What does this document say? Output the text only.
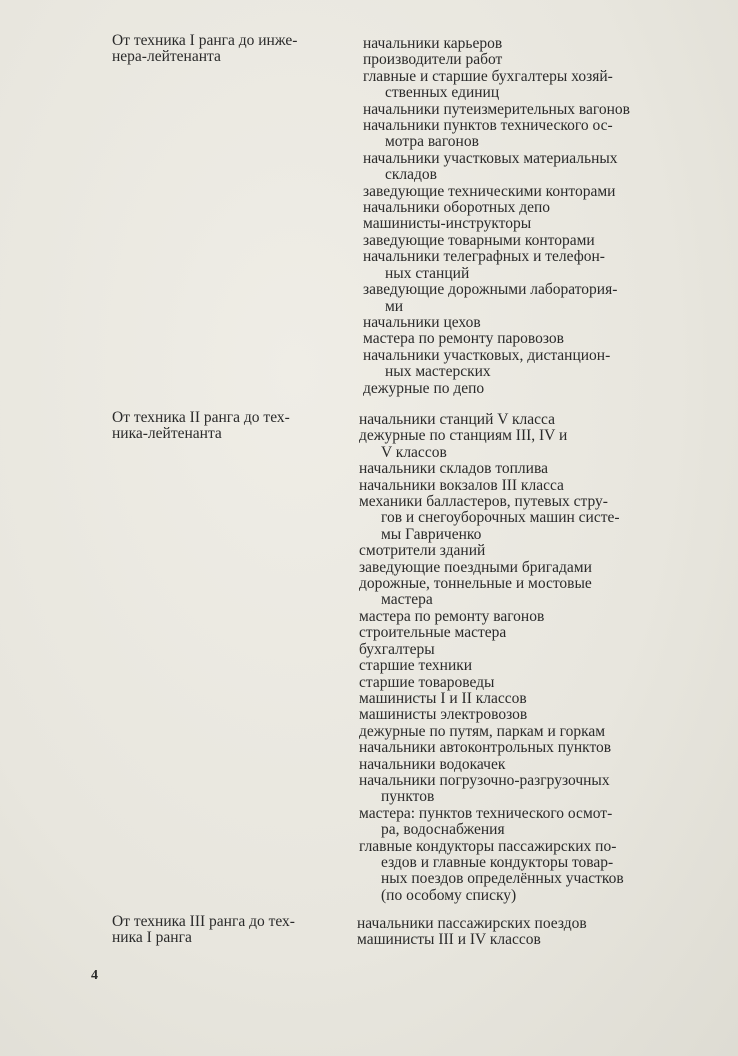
От техника I ранга до инже-
нера-лейтенанта
начальники карьеров
производители работ
главные и старшие бухгалтеры хозяй-
ственных единиц
начальники путеизмерительных вагонов
начальники пунктов технического ос-
мотра вагонов
начальники участковых материальных
складов
заведующие техническими конторами
начальники оборотных депо
машинисты-инструкторы
заведующие товарными конторами
начальники телеграфных и телефон-
ных станций
заведующие дорожными лаборатория-
ми
начальники цехов
мастера по ремонту паровозов
начальники участковых, дистанцион-
ных мастерских
дежурные по депо
От техника II ранга до тех-
ника-лейтенанта
начальники станций V класса
дежурные по станциям III, IV и
V классов
начальники складов топлива
начальники вокзалов III класса
механики балластеров, путевых стру-
гов и снегоуборочных машин систе-
мы Гавриченко
смотрители зданий
заведующие поездными бригадами
дорожные, тоннельные и мостовые
мастера
мастера по ремонту вагонов
строительные мастера
бухгалтеры
старшие техники
старшие товароведы
машинисты I и II классов
машинисты электровозов
дежурные по путям, паркам и горкам
начальники автоконтрольных пунктов
начальники водокачек
начальники погрузочно-разгрузочных
пунктов
мастера: пунктов технического осмот-
ра, водоснабжения
главные кондукторы пассажирских по-
ездов и главные кондукторы товар-
ных поездов определённых участков
(по особому списку)
От техника III ранга до тех-
ника I ранга
начальники пассажирских поездов
машинисты III и IV классов
4
